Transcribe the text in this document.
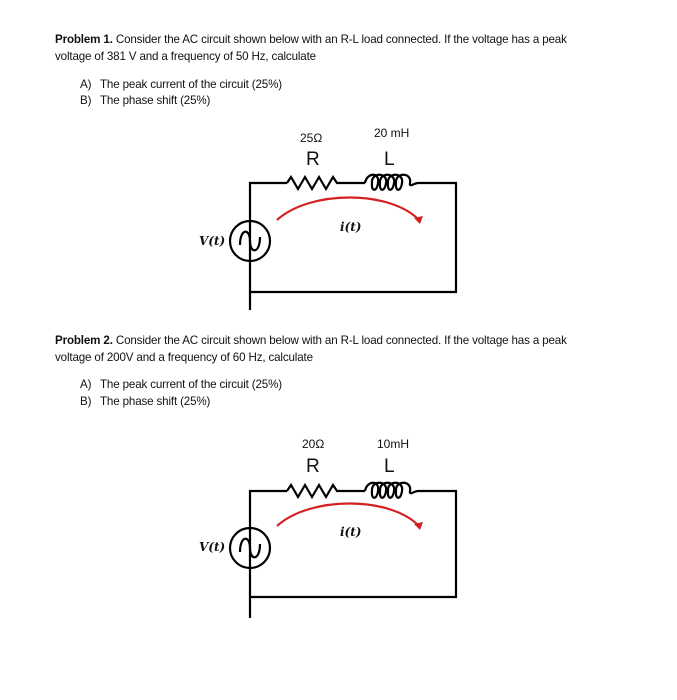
Problem 1. Consider the AC circuit shown below with an R-L load connected. If the voltage has a peak voltage of 381 V and a frequency of 50 Hz, calculate
A) The peak current of the circuit (25%)
B) The phase shift (25%)
25Ω
R
20 mH
L
i(t)
V(t)
Problem 2. Consider the AC circuit shown below with an R-L load connected. If the voltage has a peak voltage of 200V and a frequency of 60 Hz, calculate
A) The peak current of the circuit (25%)
B) The phase shift (25%)
20Ω
R
10mH
L
i(t)
V(t)
